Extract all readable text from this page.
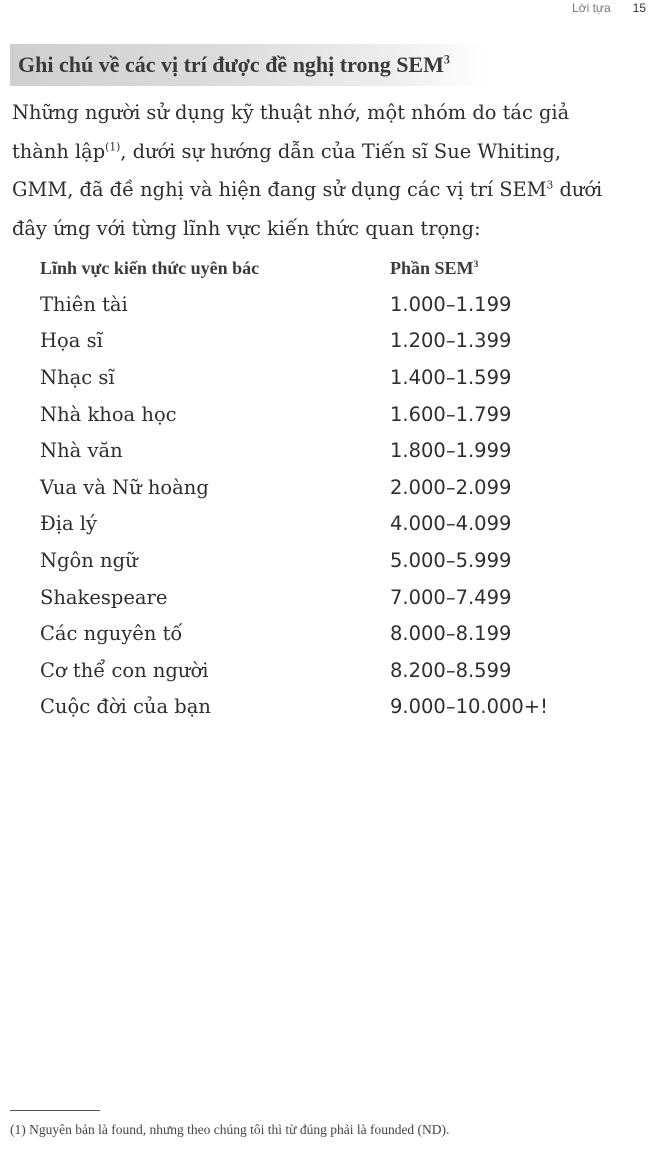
Lời tựa 15
Ghi chú về các vị trí được đề nghị trong SEM$^3$
Những người sử dụng kỹ thuật nhớ, một nhóm do tác giả thành lập$^{(1)}$, dưới sự hướng dẫn của Tiến sĩ Sue Whiting, GMM, đã đề nghị và hiện đang sử dụng các vị trí SEM$^3$ dưới đây ứng với từng lĩnh vực kiến thức quan trọng:
Lĩnh vực kiến thức uyên bác	Phần SEM$^3$
Thiên tài	1.000–1.199
Họa sĩ	1.200–1.399
Nhạc sĩ	1.400–1.599
Nhà khoa học	1.600–1.799
Nhà văn	1.800–1.999
Vua và Nữ hoàng	2.000–2.099
Địa lý	4.000–4.099
Ngôn ngữ	5.000–5.999
Shakespeare	7.000–7.499
Các nguyên tố	8.000–8.199
Cơ thể con người	8.200–8.599
Cuộc đời của bạn	9.000–10.000+!
(1) Nguyên bản là found, nhưng theo chúng tôi thì từ đúng phải là founded (ND).
